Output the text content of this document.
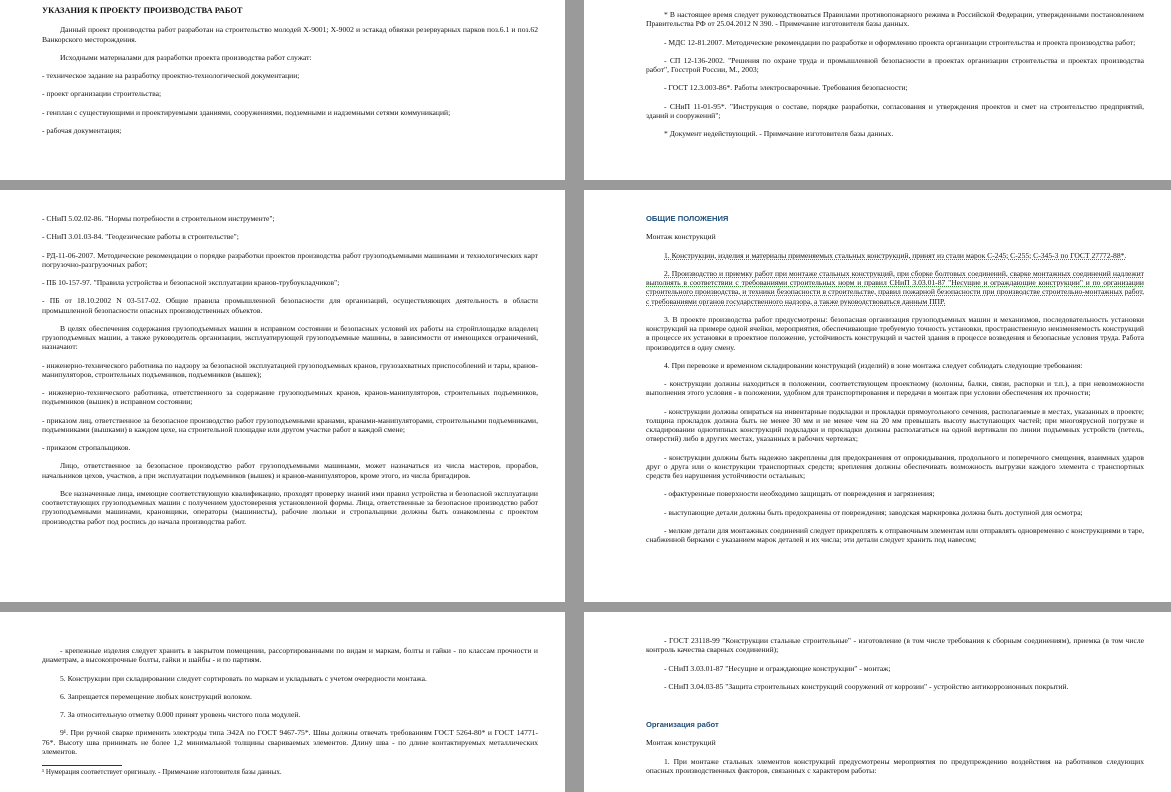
УКАЗАНИЯ К ПРОЕКТУ ПРОИЗВОДСТВА РАБОТ

Данный проект производства работ разработан на строительство молодей Х-9001; Х-9002 и эстакад обвязки резервуарных парков поз.6.1 и поз.62 Ванкорского месторождения.

Исходными материалами для разработки проекта производства работ служат:

- техническое задание на разработку проектно-технологической документации;

- проект организации строительства;

- генплан с существующими и проектируемыми зданиями, сооружениями, подземными и надземными сетями коммуникаций;

- рабочая документация;

* В настоящее время следует руководствоваться Правилами противопожарного режима в Российской Федерации, утвержденными постановлением Правительства РФ от 25.04.2012 N 390. - Примечание изготовителя базы данных.

- МДС 12-81.2007. Методические рекомендации по разработке и оформлению проекта организации строительства и проекта производства работ;

- СП 12-136-2002. "Решения по охране труда и промышленной безопасности в проектах организации строительства и проектах производства работ", Госстрой России, М., 2003;

- ГОСТ 12.3.003-86*. Работы электросварочные. Требования безопасности;

- СНиП 11-01-95*. "Инструкция о составе, порядке разработки, согласования и утверждения проектов и смет на строительство предприятий, зданий и сооружений";

* Документ недействующий. - Примечание изготовителя базы данных.

- СНиП 5.02.02-86. "Нормы потребности в строительном инструменте";

- СНиП 3.01.03-84. "Геодезические работы в строительстве";

- РД-11-06-2007. Методические рекомендации о порядке разработки проектов производства работ грузоподъемными машинами и технологических карт погрузочно-разгрузочных работ;

- ПБ 10-157-97. "Правила устройства и безопасной эксплуатации кранов-трубоукладчиков";

- ПБ от 18.10.2002 N 03-517-02. Общие правила промышленной безопасности для организаций, осуществляющих деятельность в области промышленной безопасности опасных производственных объектов.

В целях обеспечения содержания грузоподъемных машин в исправном состоянии и безопасных условий их работы на стройплощадке владелец грузоподъемных машин, а также руководитель организации, эксплуатирующей грузоподъемные машины, в зависимости от имеющихся ограничений, назначают:

- инженерно-технического работника по надзору за безопасной эксплуатацией грузоподъемных кранов, грузозахватных приспособлений и тары, кранов-манипуляторов, строительных подъемников, подъемников (вышек);

- инженерно-технического работника, ответственного за содержание грузоподъемных кранов, кранов-манипуляторов, строительных подъемников, подъемников (вышек) в исправном состоянии;

- приказом лиц, ответственное за безопасное производство работ грузоподъемными кранами, кранами-манипуляторами, строительными подъемниками, подъемниками (вышками) в каждом цехе, на строительной площадке или другом участке работ в каждой смене;

- приказом стропальщиков.

Лицо, ответственное за безопасное производство работ грузоподъемными машинами, может назначаться из числа мастеров, прорабов, начальников цехов, участков, а при эксплуатации подъемников (вышек) и кранов-манипуляторов, кроме этого, из числа бригадиров.

Все назначенные лица, имеющие соответствующую квалификацию, проходят проверку знаний ими правил устройства и безопасной эксплуатации соответствующих грузоподъемных машин с получением удостоверения установленной формы. Лица, ответственные за безопасное производство работ грузоподъемными машинами, крановщики, операторы (машинисты), рабочие люльки и стропальщики должны быть ознакомлены с проектом производства работ под роспись до начала производства работ.

ОБЩИЕ ПОЛОЖЕНИЯ

Монтаж конструкций

1. Конструкции, изделия и материалы применяемых стальных конструкций, принят из стали марок С-245; С-255; С-345-3 по ГОСТ 27772-88*.

2. Производство и приемку работ при монтаже стальных конструкций, при сборке болтовых соединений, сварке монтажных соединений надлежит выполнять в соответствии с требованиями строительных норм и правил СНиП 3.03.01-87 "Несущие и ограждающие конструкции" и по организации строительного производства, и техники безопасности в строительстве, правил пожарной безопасности при производстве строительно-монтажных работ, с требованиями органов государственного надзора, а также руководствоваться данным ППР.

3. В проекте производства работ предусмотрены: безопасная организация грузоподъемных машин и механизмов, последовательность установки конструкций на примере одной ячейки, мероприятия, обеспечивающие требуемую точность установки, пространственную неизменяемость конструкций в процессе их установки в проектное положение, устойчивость конструкций и частей здания в процессе возведения и безопасные условия труда. Работа производится в одну смену.

4. При перевозке и временном складировании конструкций (изделий) в зоне монтажа следует соблюдать следующие требования:

- конструкции должны находиться в положении, соответствующем проектному (колонны, балки, связи, распорки и т.п.), а при невозможности выполнения этого условия - в положении, удобном для транспортирования и передачи в монтаж при условии обеспечения их прочности;

- конструкции должны опираться на инвентарные подкладки и прокладки прямоугольного сечения, располагаемые в местах, указанных в проекте; толщина прокладок должна быть не менее 30 мм и не менее чем на 20 мм превышать высоту выступающих частей; при многоярусной погрузке и складировании однотипных конструкций подкладки и прокладки должны располагаться на одной вертикали по линии подъемных устройств (петель, отверстий) либо в других местах, указанных в рабочих чертежах;

- конструкции должны быть надежно закреплены для предохранения от опрокидывания, продольного и поперечного смещения, взаимных ударов друг о друга или о конструкции транспортных средств; крепления должны обеспечивать возможность выгрузки каждого элемента с транспортных средств без нарушения устойчивости остальных;

- офактуренные поверхности необходимо защищать от повреждения и загрязнения;

- выступающие детали должны быть предохранены от повреждения; заводская маркировка должна быть доступной для осмотра;

- мелкие детали для монтажных соединений следует прикреплять к отправочным элементам или отправлять одновременно с конструкциями в таре, снабженной бирками с указанием марок деталей и их числа; эти детали следует хранить под навесом;

- крепежные изделия следует хранить в закрытом помещении, рассортированными по видам и маркам, болты и гайки - по классам прочности и диаметрам, а высокопрочные болты, гайки и шайбы - и по партиям.

5. Конструкции при складировании следует сортировать по маркам и укладывать с учетом очередности монтажа.

6. Запрещается перемещение любых конструкций волоком.

7. За относительную отметку 0.000 принят уровень чистого пола модулей.

9¹. При ручной сварке применить электроды типа Э42А по ГОСТ 9467-75*. Швы должны отвечать требованиям ГОСТ 5264-80* и ГОСТ 14771-76*. Высоту шва принимать не более 1,2 минимальной толщины свариваемых элементов. Длину шва - по длине контактируемых металлических элементов.

¹ Нумерация соответствует оригиналу. - Примечание изготовителя базы данных.

- ГОСТ 23118-99 "Конструкции стальные строительные" - изготовление (в том числе требования к сборным соединениям), приемка (в том числе контроль качества сварных соединений);

- СНиП 3.03.01-87 "Несущие и ограждающие конструкции" - монтаж;

- СНиП 3.04.03-85 "Защита строительных конструкций сооружений от коррозии" - устройство антикоррозионных покрытий.

Организация работ

Монтаж конструкций

1. При монтаже стальных элементов конструкций предусмотрены мероприятия по предупреждению воздействия на работников следующих опасных производственных факторов, связанных с характером работы:
